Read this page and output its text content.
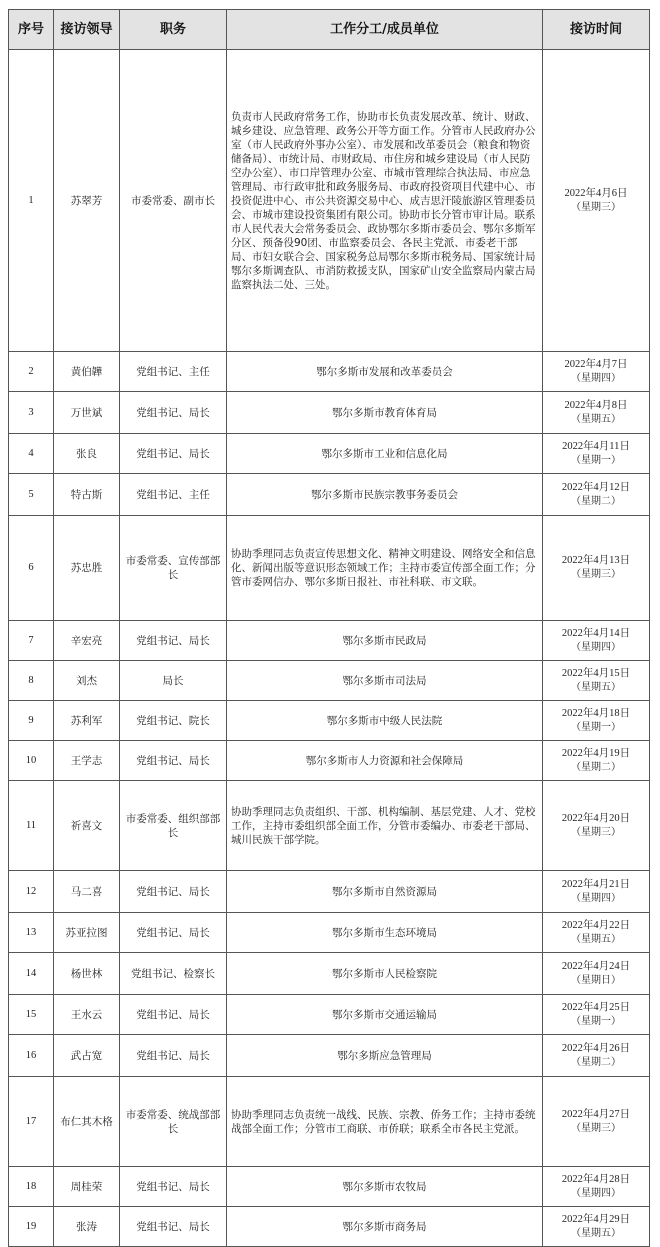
序号	接访领导	职务	工作分工/成员单位	接访时间
1	苏翠芳	市委常委、副市长	负责市人民政府常务工作，协助市长负责发展改革、统计、财政、城乡建设、应急管理、政务公开等方面工作。分管市人民政府办公室（市人民政府外事办公室）、市发展和改革委员会（粮食和物资储备局）、市统计局、市财政局、市住房和城乡建设局（市人民防空办公室）、市口岸管理办公室、市城市管理综合执法局、市应急管理局、市行政审批和政务服务局、市政府投资项目代建中心、市投资促进中心、市公共资源交易中心、成吉思汗陵旅游区管理委员会、市城市建设投资集团有限公司。协助市长分管市审计局。联系市人民代表大会常务委员会、政协鄂尔多斯市委员会、鄂尔多斯军分区、预备役90团、市监察委员会、各民主党派、市委老干部局、市妇女联合会、国家税务总局鄂尔多斯市税务局、国家统计局鄂尔多斯调查队、市消防救援支队，国家矿山安全监察局内蒙古局监察执法二处、三处。	2022年4月6日
（星期三）

2	黄伯韡	党组书记、主任	鄂尔多斯市发展和改革委员会	2022年4月7日
（星期四）

3	万世斌	党组书记、局长	鄂尔多斯市教育体育局	2022年4月8日
（星期五）

4	张良	党组书记、局长	鄂尔多斯市工业和信息化局	2022年4月11日
（星期一）

5	特古斯	党组书记、主任	鄂尔多斯市民族宗教事务委员会	2022年4月12日
（星期二）

6	苏忠胜	市委常委、宣传部部长	协助季理同志负责宣传思想文化、精神文明建设、网络安全和信息化、新闻出版等意识形态领域工作；主持市委宣传部全面工作；分管市委网信办、鄂尔多斯日报社、市社科联、市文联。	2022年4月13日
（星期三）

7	辛宏亮	党组书记、局长	鄂尔多斯市民政局	2022年4月14日
（星期四）

8	刘杰	局长	鄂尔多斯市司法局	2022年4月15日
（星期五）

9	苏利军	党组书记、院长	鄂尔多斯市中级人民法院	2022年4月18日
（星期一）

10	王学志	党组书记、局长	鄂尔多斯市人力资源和社会保障局	2022年4月19日
（星期二）

11	祈喜文	市委常委、组织部部长	协助季理同志负责组织、干部、机构编制、基层党建、人才、党校工作，主持市委组织部全面工作，分管市委编办、市委老干部局、城川民族干部学院。	2022年4月20日
（星期三）

12	马二喜	党组书记、局长	鄂尔多斯市自然资源局	2022年4月21日
（星期四）

13	苏亚拉图	党组书记、局长	鄂尔多斯市生态环境局	2022年4月22日
（星期五）

14	杨世林	党组书记、检察长	鄂尔多斯市人民检察院	2022年4月24日
（星期日）

15	王水云	党组书记、局长	鄂尔多斯市交通运输局	2022年4月25日
（星期一）

16	武占宽	党组书记、局长	鄂尔多斯应急管理局	2022年4月26日
（星期二）

17	布仁其木格	市委常委、统战部部长	协助季理同志负责统一战线、民族、宗教、侨务工作；主持市委统战部全面工作；分管市工商联、市侨联；联系全市各民主党派。	2022年4月27日
（星期三）

18	周桂荣	党组书记、局长	鄂尔多斯市农牧局	2022年4月28日
（星期四）

19	张涛	党组书记、局长	鄂尔多斯市商务局	2022年4月29日
（星期五）
